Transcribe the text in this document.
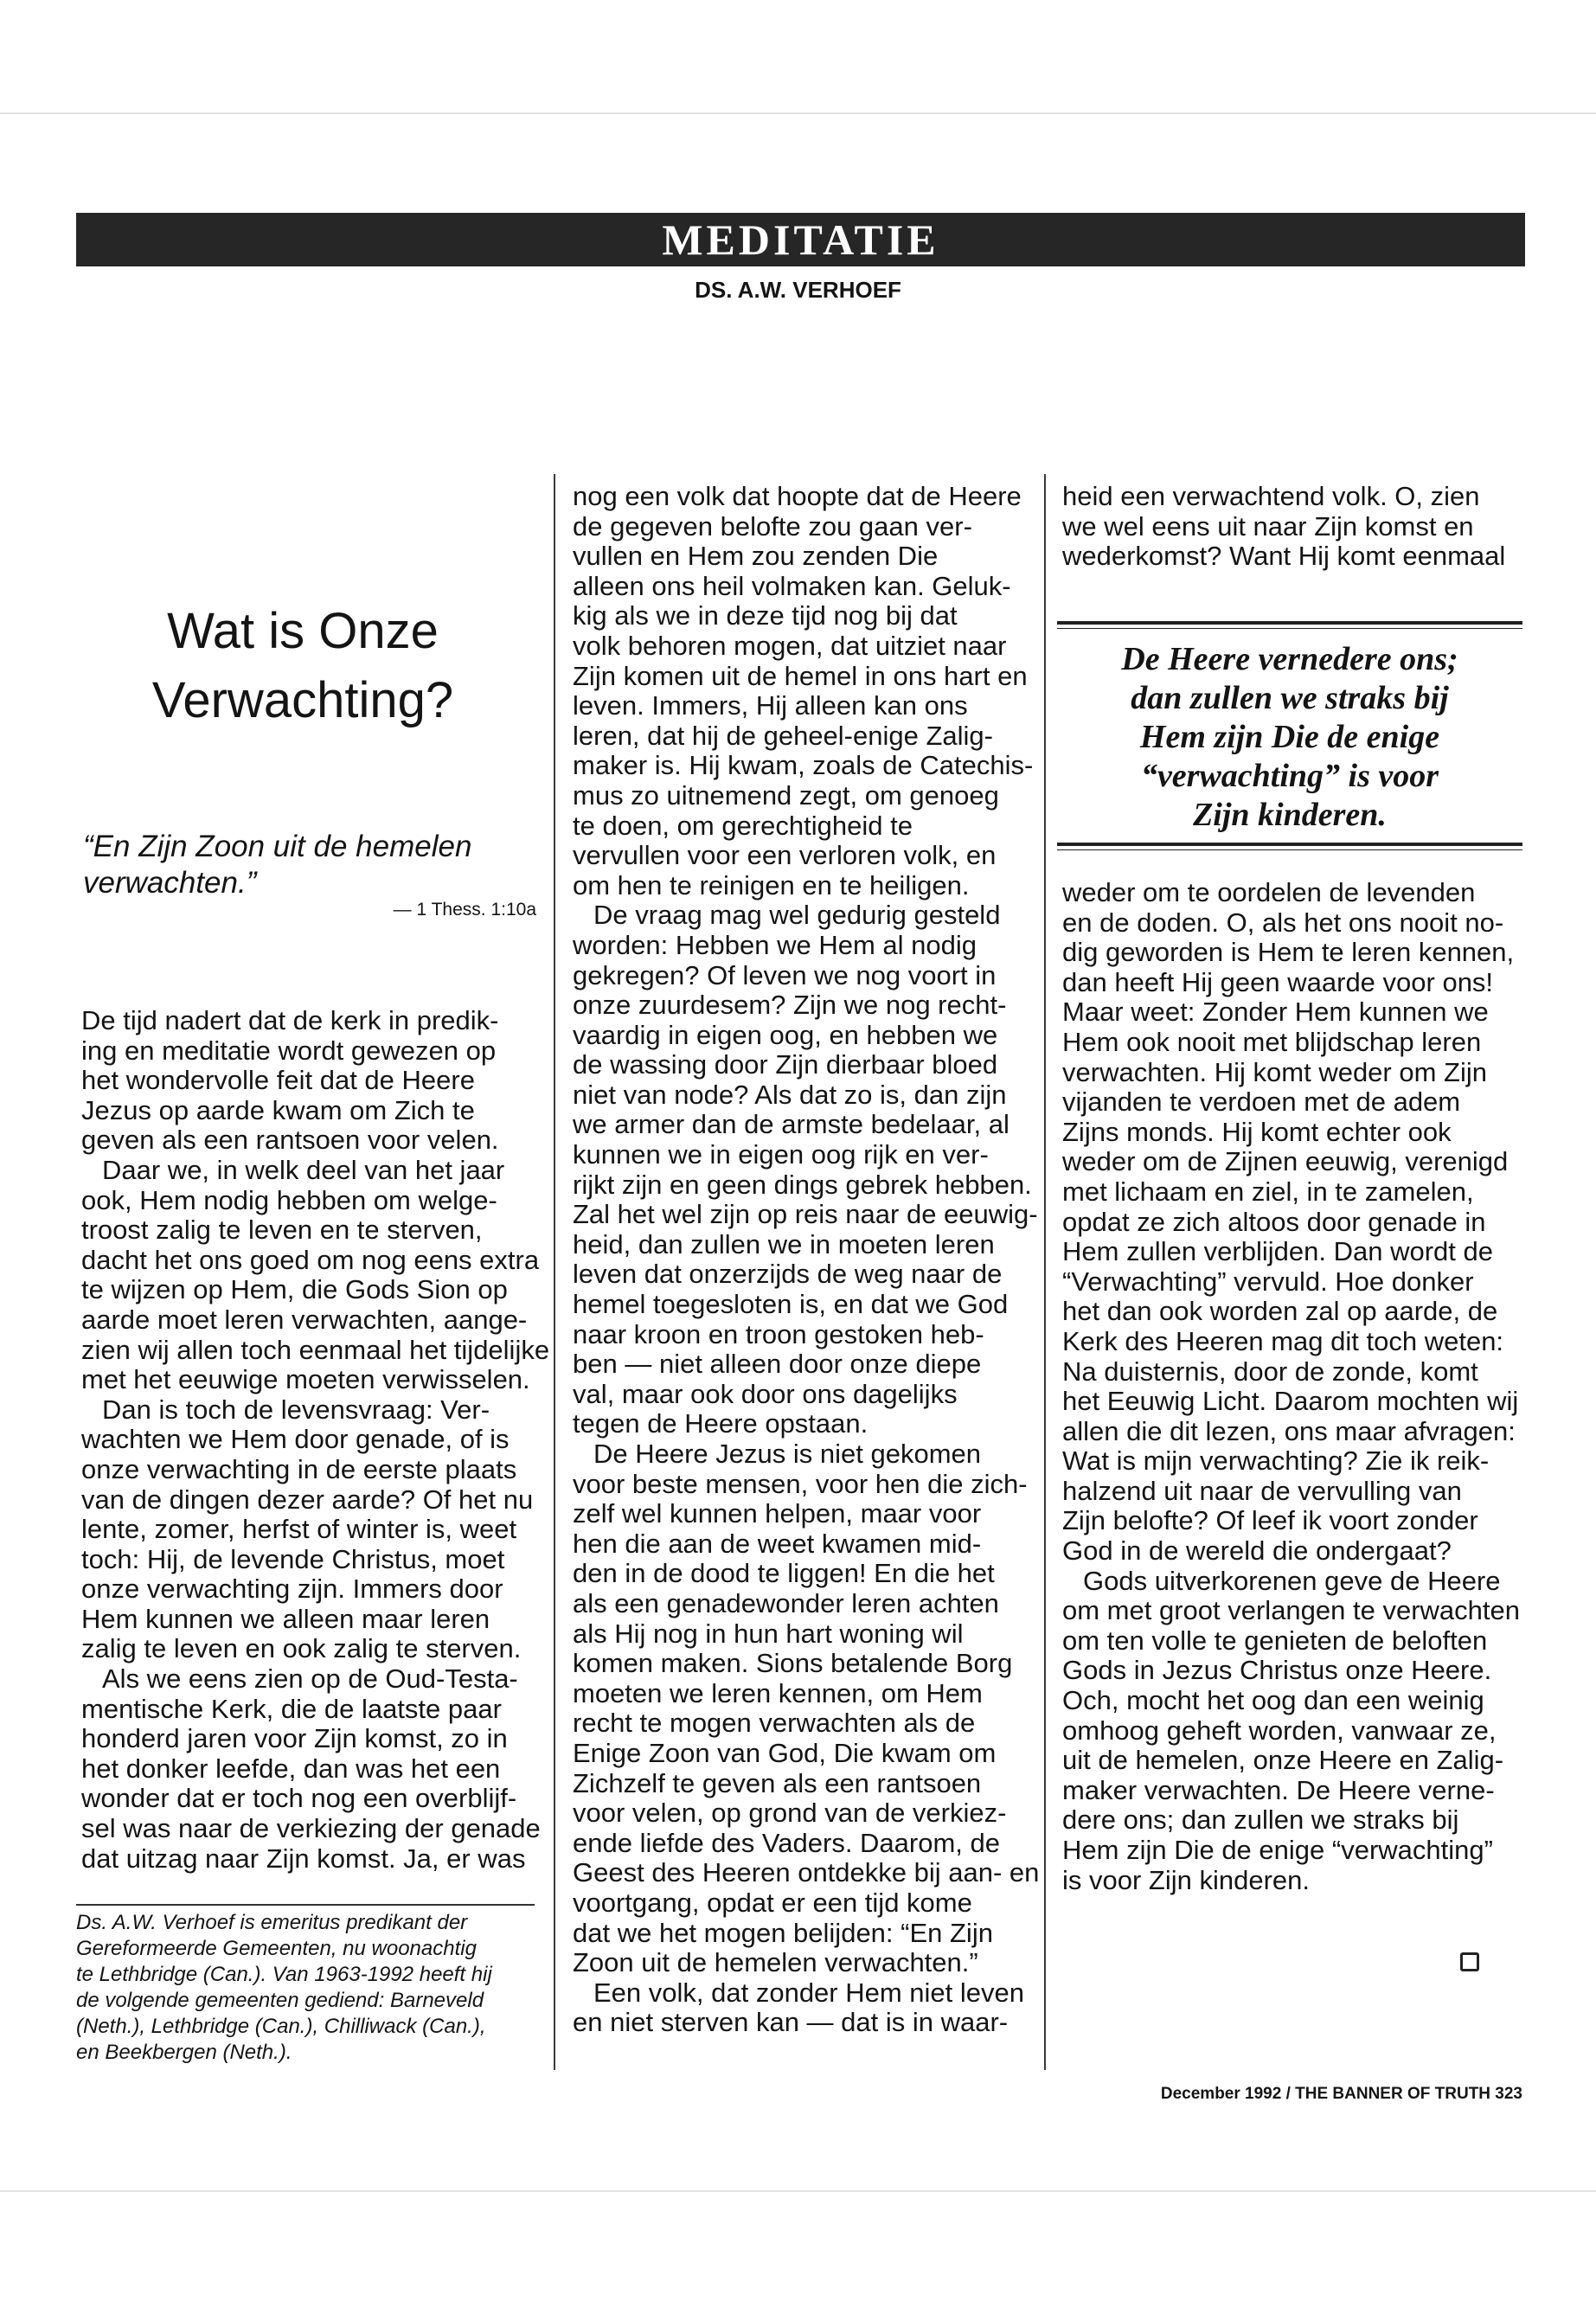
MEDITATIE
DS. A.W. VERHOEF
Wat is Onze
Verwachting?
“En Zijn Zoon uit de hemelen
verwachten.”
— 1 Thess. 1:10a
De tijd nadert dat de kerk in predik-
ing en meditatie wordt gewezen op
het wondervolle feit dat de Heere
Jezus op aarde kwam om Zich te
geven als een rantsoen voor velen.
Daar we, in welk deel van het jaar
ook, Hem nodig hebben om welge-
troost zalig te leven en te sterven,
dacht het ons goed om nog eens extra
te wijzen op Hem, die Gods Sion op
aarde moet leren verwachten, aange-
zien wij allen toch eenmaal het tijdelijke
met het eeuwige moeten verwisselen.
Dan is toch de levensvraag: Ver-
wachten we Hem door genade, of is
onze verwachting in de eerste plaats
van de dingen dezer aarde? Of het nu
lente, zomer, herfst of winter is, weet
toch: Hij, de levende Christus, moet
onze verwachting zijn. Immers door
Hem kunnen we alleen maar leren
zalig te leven en ook zalig te sterven.
Als we eens zien op de Oud-Testa-
mentische Kerk, die de laatste paar
honderd jaren voor Zijn komst, zo in
het donker leefde, dan was het een
wonder dat er toch nog een overblijf-
sel was naar de verkiezing der genade
dat uitzag naar Zijn komst. Ja, er was
Ds. A.W. Verhoef is emeritus predikant der
Gereformeerde Gemeenten, nu woonachtig
te Lethbridge (Can.). Van 1963-1992 heeft hij
de volgende gemeenten gediend: Barneveld
(Neth.), Lethbridge (Can.), Chilliwack (Can.),
en Beekbergen (Neth.).
nog een volk dat hoopte dat de Heere
de gegeven belofte zou gaan ver-
vullen en Hem zou zenden Die
alleen ons heil volmaken kan. Geluk-
kig als we in deze tijd nog bij dat
volk behoren mogen, dat uitziet naar
Zijn komen uit de hemel in ons hart en
leven. Immers, Hij alleen kan ons
leren, dat hij de geheel-enige Zalig-
maker is. Hij kwam, zoals de Catechis-
mus zo uitnemend zegt, om genoeg
te doen, om gerechtigheid te
vervullen voor een verloren volk, en
om hen te reinigen en te heiligen.
De vraag mag wel gedurig gesteld
worden: Hebben we Hem al nodig
gekregen? Of leven we nog voort in
onze zuurdesem? Zijn we nog recht-
vaardig in eigen oog, en hebben we
de wassing door Zijn dierbaar bloed
niet van node? Als dat zo is, dan zijn
we armer dan de armste bedelaar, al
kunnen we in eigen oog rijk en ver-
rijkt zijn en geen dings gebrek hebben.
Zal het wel zijn op reis naar de eeuwig-
heid, dan zullen we in moeten leren
leven dat onzerzijds de weg naar de
hemel toegesloten is, en dat we God
naar kroon en troon gestoken heb-
ben — niet alleen door onze diepe
val, maar ook door ons dagelijks
tegen de Heere opstaan.
De Heere Jezus is niet gekomen
voor beste mensen, voor hen die zich-
zelf wel kunnen helpen, maar voor
hen die aan de weet kwamen mid-
den in de dood te liggen! En die het
als een genadewonder leren achten
als Hij nog in hun hart woning wil
komen maken. Sions betalende Borg
moeten we leren kennen, om Hem
recht te mogen verwachten als de
Enige Zoon van God, Die kwam om
Zichzelf te geven als een rantsoen
voor velen, op grond van de verkiez-
ende liefde des Vaders. Daarom, de
Geest des Heeren ontdekke bij aan- en
voortgang, opdat er een tijd kome
dat we het mogen belijden: “En Zijn
Zoon uit de hemelen verwachten.”
Een volk, dat zonder Hem niet leven
en niet sterven kan — dat is in waar-
heid een verwachtend volk. O, zien
we wel eens uit naar Zijn komst en
wederkomst? Want Hij komt eenmaal
De Heere vernedere ons;
dan zullen we straks bij
Hem zijn Die de enige
“verwachting” is voor
Zijn kinderen.
weder om te oordelen de levenden
en de doden. O, als het ons nooit no-
dig geworden is Hem te leren kennen,
dan heeft Hij geen waarde voor ons!
Maar weet: Zonder Hem kunnen we
Hem ook nooit met blijdschap leren
verwachten. Hij komt weder om Zijn
vijanden te verdoen met de adem
Zijns monds. Hij komt echter ook
weder om de Zijnen eeuwig, verenigd
met lichaam en ziel, in te zamelen,
opdat ze zich altoos door genade in
Hem zullen verblijden. Dan wordt de
“Verwachting” vervuld. Hoe donker
het dan ook worden zal op aarde, de
Kerk des Heeren mag dit toch weten:
Na duisternis, door de zonde, komt
het Eeuwig Licht. Daarom mochten wij
allen die dit lezen, ons maar afvragen:
Wat is mijn verwachting? Zie ik reik-
halzend uit naar de vervulling van
Zijn belofte? Of leef ik voort zonder
God in de wereld die ondergaat?
Gods uitverkorenen geve de Heere
om met groot verlangen te verwachten
om ten volle te genieten de beloften
Gods in Jezus Christus onze Heere.
Och, mocht het oog dan een weinig
omhoog geheft worden, vanwaar ze,
uit de hemelen, onze Heere en Zalig-
maker verwachten. De Heere verne-
dere ons; dan zullen we straks bij
Hem zijn Die de enige “verwachting”
is voor Zijn kinderen.
December 1992 / THE BANNER OF TRUTH 323
